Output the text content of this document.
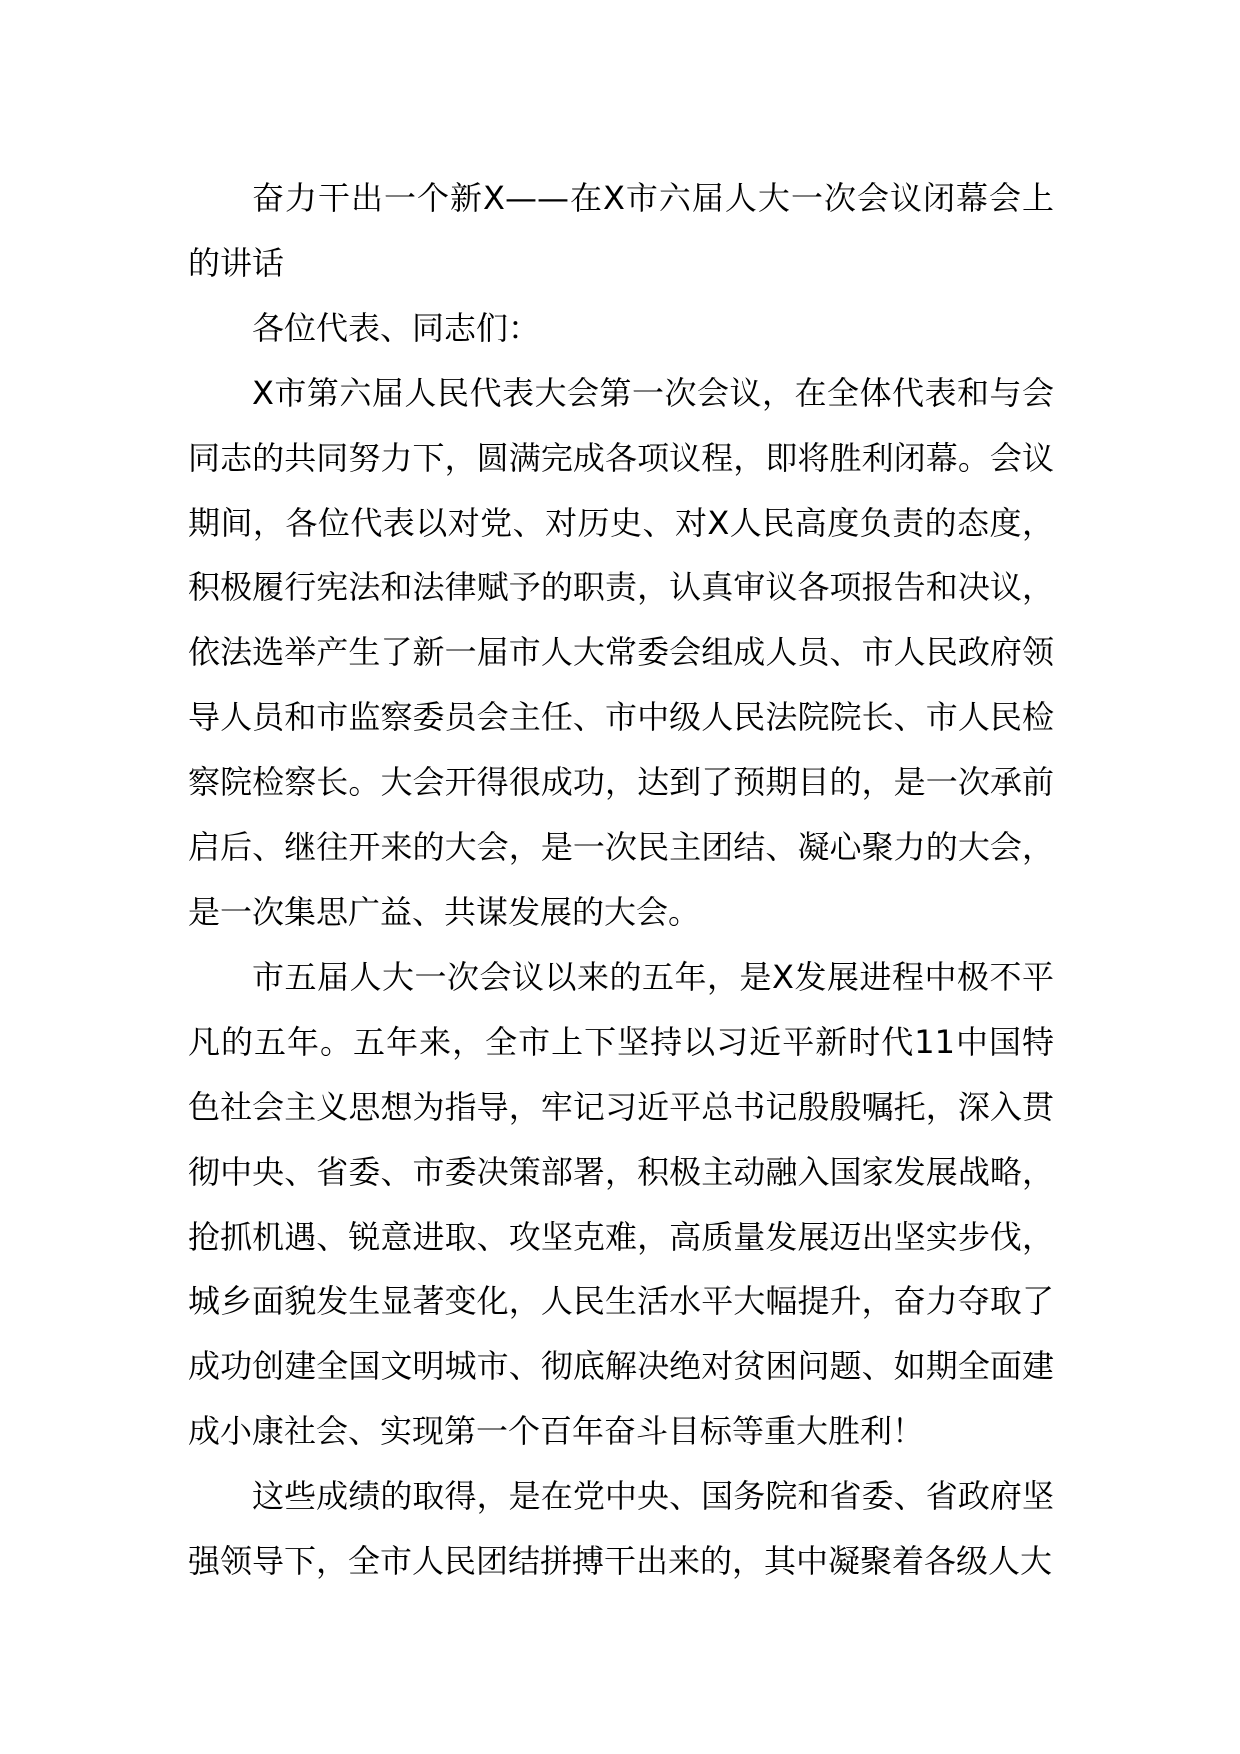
奋力干出一个新X——在X市六届人大一次会议闭幕会上的讲话

各位代表、同志们：

X市第六届人民代表大会第一次会议，在全体代表和与会同志的共同努力下，圆满完成各项议程，即将胜利闭幕。会议期间，各位代表以对党、对历史、对X人民高度负责的态度，积极履行宪法和法律赋予的职责，认真审议各项报告和决议，依法选举产生了新一届市人大常委会组成人员、市人民政府领导人员和市监察委员会主任、市中级人民法院院长、市人民检察院检察长。大会开得很成功，达到了预期目的，是一次承前启后、继往开来的大会，是一次民主团结、凝心聚力的大会，是一次集思广益、共谋发展的大会。

市五届人大一次会议以来的五年，是X发展进程中极不平凡的五年。五年来，全市上下坚持以习近平新时代11中国特色社会主义思想为指导，牢记习近平总书记殷殷嘱托，深入贯彻中央、省委、市委决策部署，积极主动融入国家发展战略，抢抓机遇、锐意进取、攻坚克难，高质量发展迈出坚实步伐，城乡面貌发生显著变化，人民生活水平大幅提升，奋力夺取了成功创建全国文明城市、彻底解决绝对贫困问题、如期全面建成小康社会、实现第一个百年奋斗目标等重大胜利！

这些成绩的取得，是在党中央、国务院和省委、省政府坚强领导下，全市人民团结拼搏干出来的，其中凝聚着各级人大
